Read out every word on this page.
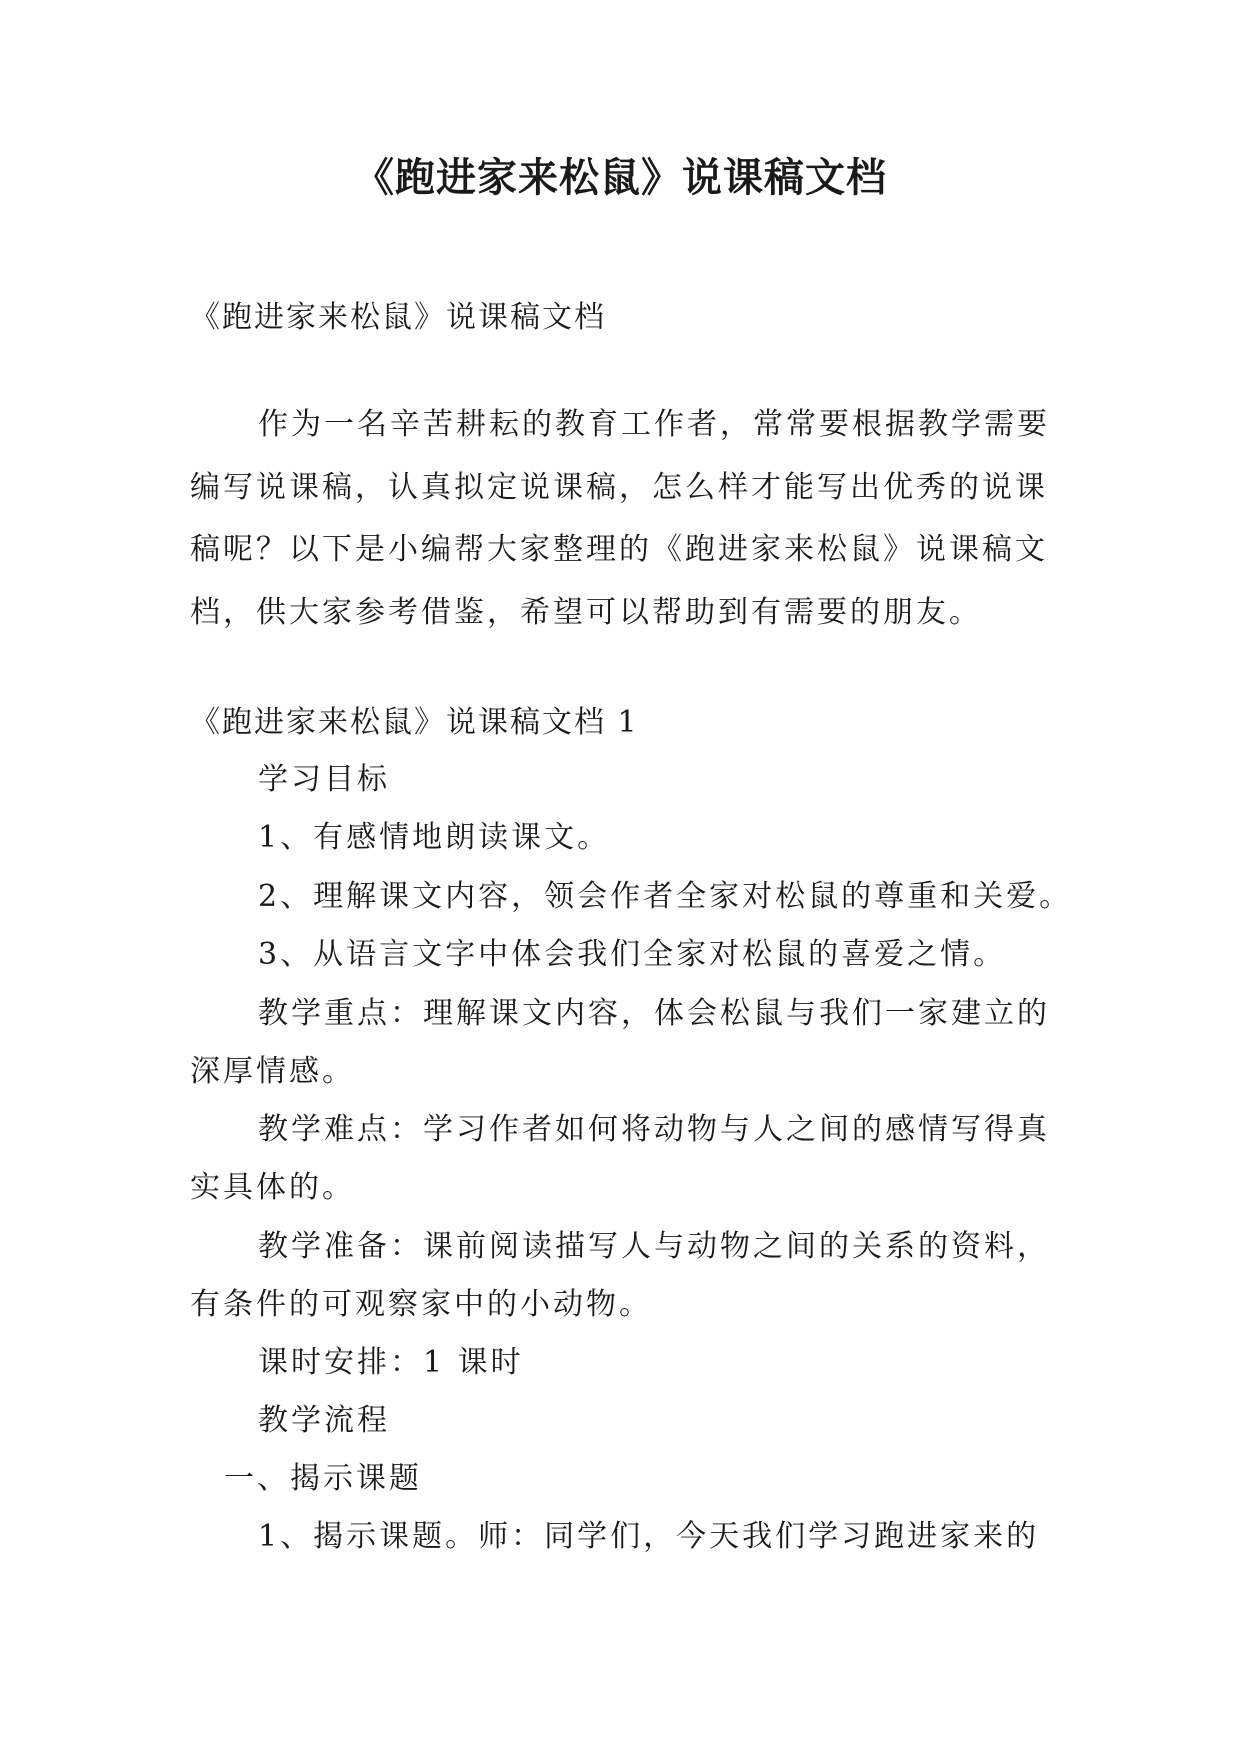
《跑进家来松鼠》说课稿文档
《跑进家来松鼠》说课稿文档
作为一名辛苦耕耘的教育工作者，常常要根据教学需要
编写说课稿，认真拟定说课稿，怎么样才能写出优秀的说课
稿呢？以下是小编帮大家整理的《跑进家来松鼠》说课稿文
档，供大家参考借鉴，希望可以帮助到有需要的朋友。
《跑进家来松鼠》说课稿文档 1
学习目标
1、有感情地朗读课文。
2、理解课文内容，领会作者全家对松鼠的尊重和关爱。
3、从语言文字中体会我们全家对松鼠的喜爱之情。
教学重点：理解课文内容，体会松鼠与我们一家建立的
深厚情感。
教学难点：学习作者如何将动物与人之间的感情写得真
实具体的。
教学准备：课前阅读描写人与动物之间的关系的资料，
有条件的可观察家中的小动物。
课时安排：1 课时
教学流程
一、揭示课题
1、揭示课题。师：同学们，今天我们学习跑进家来的
